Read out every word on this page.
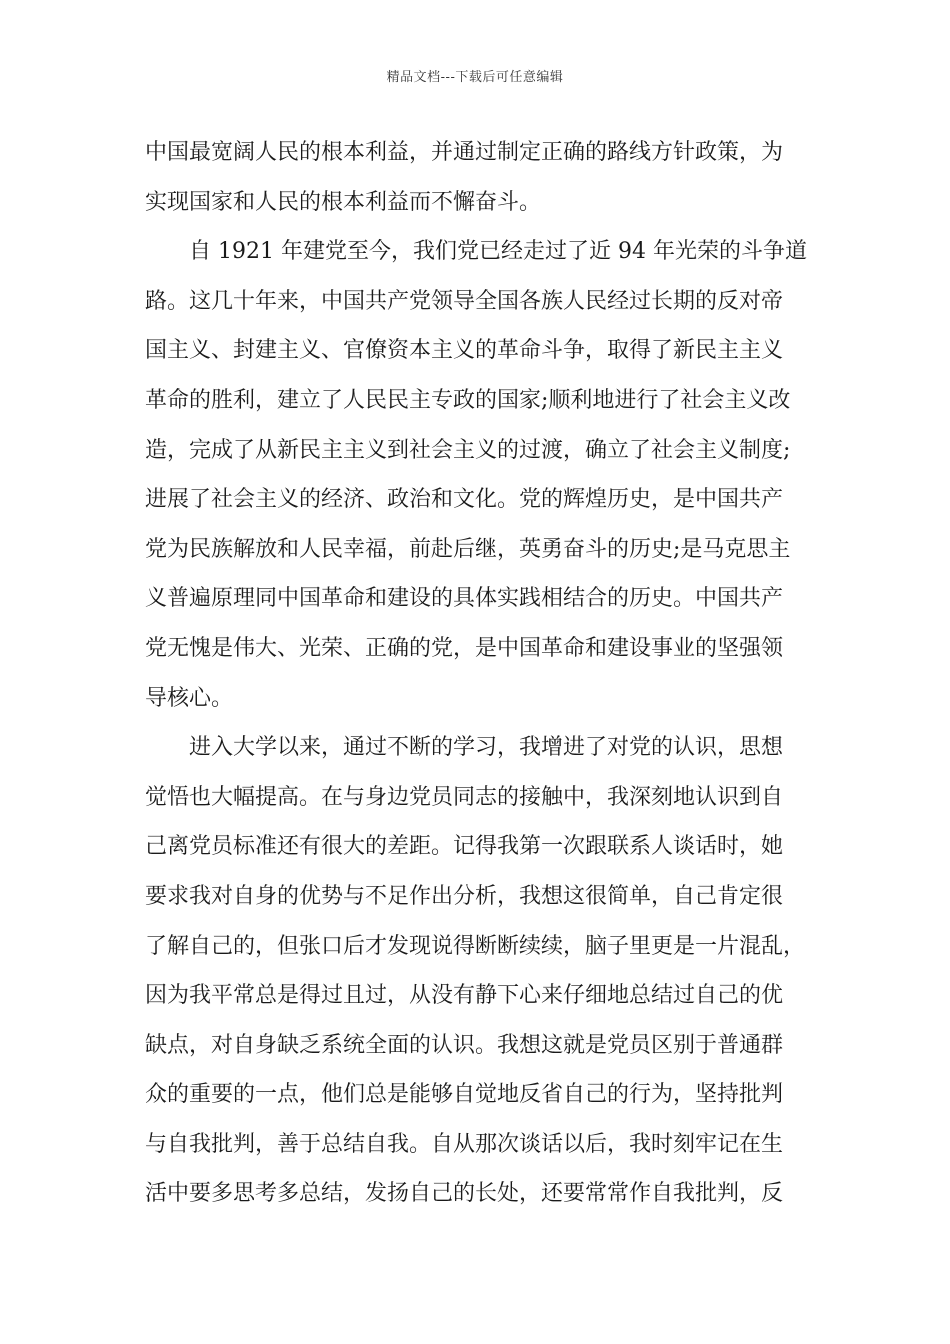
精品文档---下载后可任意编辑
中国最宽阔人民的根本利益，并通过制定正确的路线方针政策，为
实现国家和人民的根本利益而不懈奋斗。
自 1921 年建党至今，我们党已经走过了近 94 年光荣的斗争道
路。这几十年来，中国共产党领导全国各族人民经过长期的反对帝
国主义、封建主义、官僚资本主义的革命斗争，取得了新民主主义
革命的胜利，建立了人民民主专政的国家;顺利地进行了社会主义改
造，完成了从新民主主义到社会主义的过渡，确立了社会主义制度;
进展了社会主义的经济、政治和文化。党的辉煌历史，是中国共产
党为民族解放和人民幸福，前赴后继，英勇奋斗的历史;是马克思主
义普遍原理同中国革命和建设的具体实践相结合的历史。中国共产
党无愧是伟大、光荣、正确的党，是中国革命和建设事业的坚强领
导核心。
进入大学以来，通过不断的学习，我增进了对党的认识，思想
觉悟也大幅提高。在与身边党员同志的接触中，我深刻地认识到自
己离党员标准还有很大的差距。记得我第一次跟联系人谈话时，她
要求我对自身的优势与不足作出分析，我想这很简单，自己肯定很
了解自己的，但张口后才发现说得断断续续，脑子里更是一片混乱，
因为我平常总是得过且过，从没有静下心来仔细地总结过自己的优
缺点，对自身缺乏系统全面的认识。我想这就是党员区别于普通群
众的重要的一点，他们总是能够自觉地反省自己的行为，坚持批判
与自我批判，善于总结自我。自从那次谈话以后，我时刻牢记在生
活中要多思考多总结，发扬自己的长处，还要常常作自我批判，反
